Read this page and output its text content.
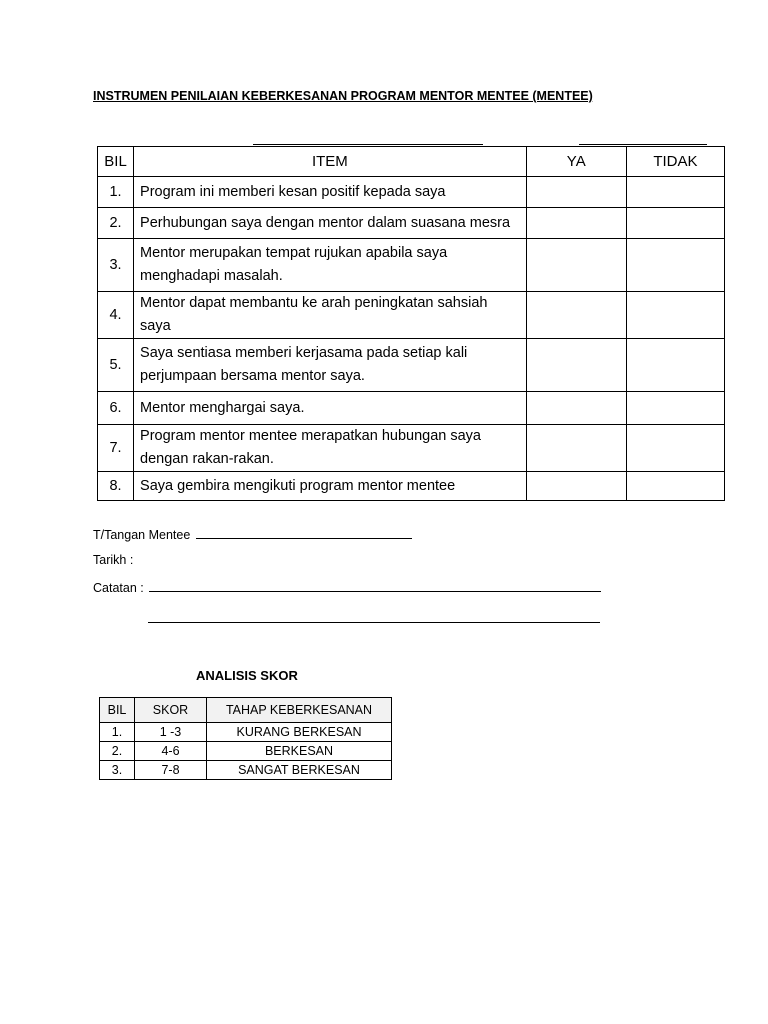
INSTRUMEN PENILAIAN KEBERKESANAN PROGRAM MENTOR MENTEE (MENTEE)
BIL	ITEM	YA	TIDAK
1.	Program ini memberi kesan positif kepada saya		
2.	Perhubungan saya dengan mentor dalam suasana mesra		
3.	Mentor merupakan tempat rujukan apabila saya
menghadapi masalah.		
4.	Mentor dapat membantu ke arah peningkatan sahsiah saya		
5.	Saya sentiasa memberi kerjasama pada setiap kali
perjumpaan bersama mentor saya.		
6.	Mentor menghargai saya.		
7.	Program mentor mentee merapatkan hubungan saya
dengan rakan-rakan.		
8.	Saya gembira mengikuti program mentor mentee		
T/Tangan Mentee
Tarikh :
Catatan :
ANALISIS SKOR
BIL	SKOR	TAHAP KEBERKESANAN
1.	1 -3	KURANG BERKESAN
2.	4-6	BERKESAN
3.	7-8	SANGAT BERKESAN
